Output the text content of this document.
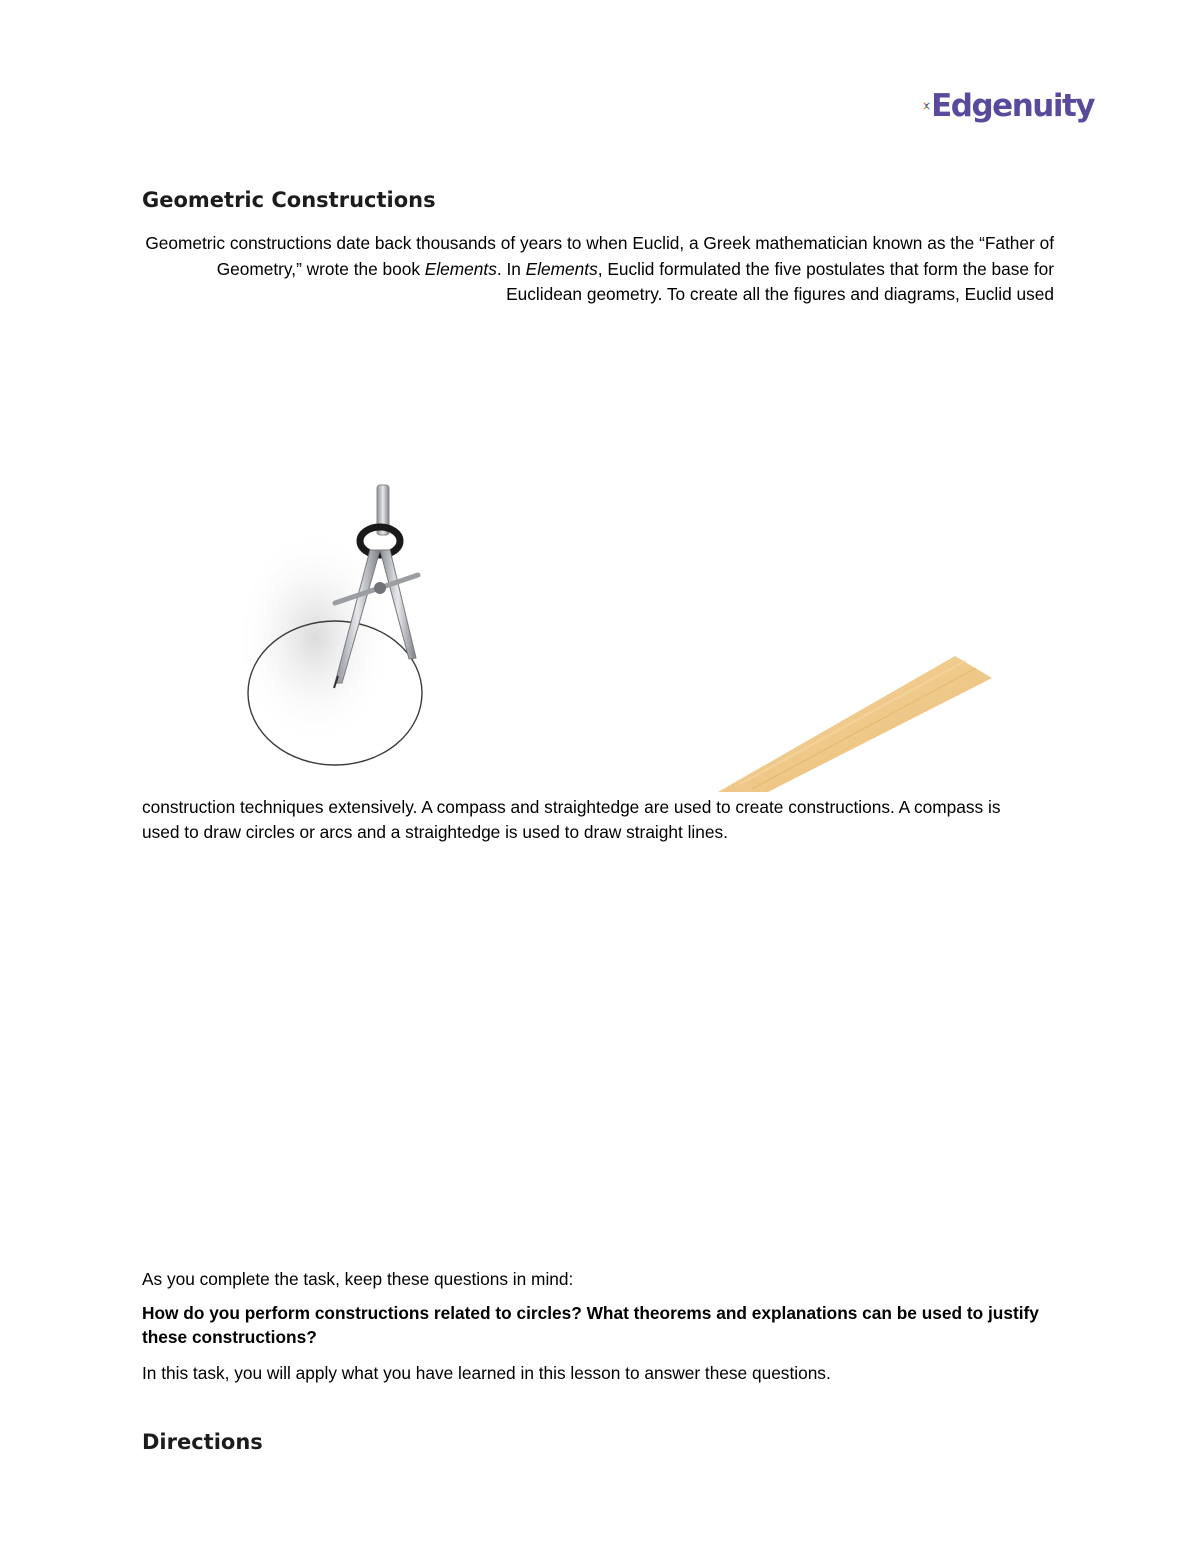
Edgenuity
Geometric Constructions

Geometric constructions date back thousands of years to when Euclid, a Greek mathematician known as the “Father of Geometry,” wrote the book Elements. In Elements, Euclid formulated the five postulates that form the base for Euclidean geometry. To create all the figures and diagrams, Euclid used

construction techniques extensively. A compass and straightedge are used to create constructions. A compass is used to draw circles or arcs and a straightedge is used to draw straight lines.

As you complete the task, keep these questions in mind:

How do you perform constructions related to circles? What theorems and explanations can be used to justify these constructions?

In this task, you will apply what you have learned in this lesson to answer these questions.

Directions
